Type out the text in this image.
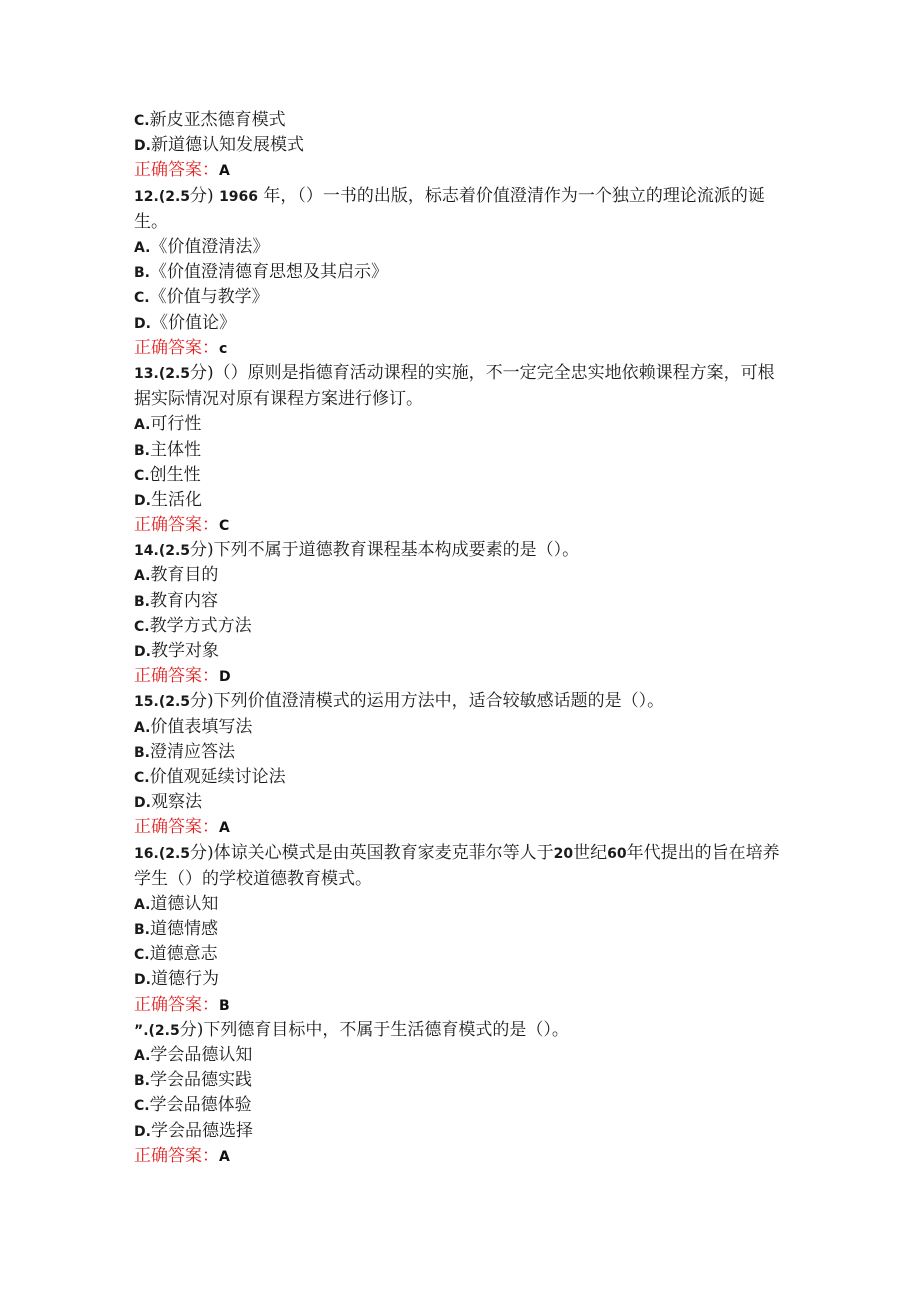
C.新皮亚杰德育模式
D.新道德认知发展模式
正确答案：A
12.(2.5分) 1966 年，（）一书的出版，标志着价值澄清作为一个独立的理论流派的诞生。
A.《价值澄清法》
B.《价值澄清德育思想及其启示》
C.《价值与教学》
D.《价值论》
正确答案：c
13.(2.5分)（）原则是指德育活动课程的实施，不一定完全忠实地依赖课程方案，可根据实际情况对原有课程方案进行修订。
A.可行性
B.主体性
C.创生性
D.生活化
正确答案：C
14.(2.5分)下列不属于道德教育课程基本构成要素的是（）。
A.教育目的
B.教育内容
C.教学方式方法
D.教学对象
正确答案：D
15.(2.5分)下列价值澄清模式的运用方法中，适合较敏感话题的是（）。
A.价值表填写法
B.澄清应答法
C.价值观延续讨论法
D.观察法
正确答案：A
16.(2.5分)体谅关心模式是由英国教育家麦克菲尔等人于20世纪60年代提出的旨在培养学生（）的学校道德教育模式。
A.道德认知
B.道德情感
C.道德意志
D.道德行为
正确答案：B
”.(2.5分)下列德育目标中，不属于生活德育模式的是（）。
A.学会品德认知
B.学会品德实践
C.学会品德体验
D.学会品德选择
正确答案：A
